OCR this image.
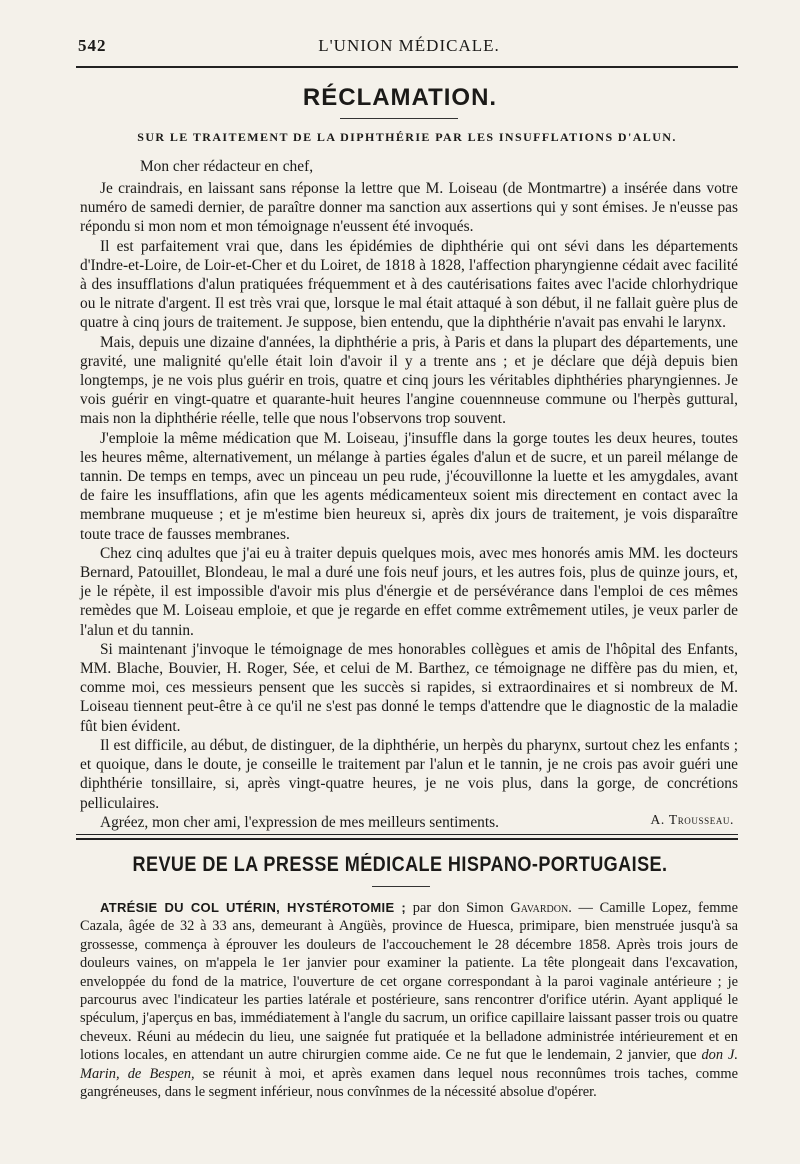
542	L'UNION MÉDICALE.
RÉCLAMATION.
SUR LE TRAITEMENT DE LA DIPHTHÉRIE PAR LES INSUFFLATIONS D'ALUN.
Mon cher rédacteur en chef,

Je craindrais, en laissant sans réponse la lettre que M. Loiseau (de Montmartre) a insérée dans votre numéro de samedi dernier, de paraître donner ma sanction aux assertions qui y sont émises. Je n'eusse pas répondu si mon nom et mon témoignage n'eussent été invoqués.

Il est parfaitement vrai que, dans les épidémies de diphthérie qui ont sévi dans les départements d'Indre-et-Loire, de Loir-et-Cher et du Loiret, de 1818 à 1828, l'affection pharyngienne cédait avec facilité à des insufflations d'alun pratiquées fréquemment et à des cautérisations faites avec l'acide chlorhydrique ou le nitrate d'argent. Il est très vrai que, lorsque le mal était attaqué à son début, il ne fallait guère plus de quatre à cinq jours de traitement. Je suppose, bien entendu, que la diphthérie n'avait pas envahi le larynx.

Mais, depuis une dizaine d'années, la diphthérie a pris, à Paris et dans la plupart des départements, une gravité, une malignité qu'elle était loin d'avoir il y a trente ans ; et je déclare que déjà depuis bien longtemps, je ne vois plus guérir en trois, quatre et cinq jours les véritables diphthéries pharyngiennes. Je vois guérir en vingt-quatre et quarante-huit heures l'angine couennneuse commune ou l'herpès guttural, mais non la diphthérie réelle, telle que nous l'observons trop souvent.

J'emploie la même médication que M. Loiseau, j'insuffle dans la gorge toutes les deux heures, toutes les heures même, alternativement, un mélange à parties égales d'alun et de sucre, et un pareil mélange de tannin. De temps en temps, avec un pinceau un peu rude, j'écouvillonne la luette et les amygdales, avant de faire les insufflations, afin que les agents médicamenteux soient mis directement en contact avec la membrane muqueuse ; et je m'estime bien heureux si, après dix jours de traitement, je vois disparaître toute trace de fausses membranes.

Chez cinq adultes que j'ai eu à traiter depuis quelques mois, avec mes honorés amis MM. les docteurs Bernard, Patouillet, Blondeau, le mal a duré une fois neuf jours, et les autres fois, plus de quinze jours, et, je le répète, il est impossible d'avoir mis plus d'énergie et de persévérance dans l'emploi de ces mêmes remèdes que M. Loiseau emploie, et que je regarde en effet comme extrêmement utiles, je veux parler de l'alun et du tannin.

Si maintenant j'invoque le témoignage de mes honorables collègues et amis de l'hôpital des Enfants, MM. Blache, Bouvier, H. Roger, Sée, et celui de M. Barthez, ce témoignage ne diffère pas du mien, et, comme moi, ces messieurs pensent que les succès si rapides, si extraordinaires et si nombreux de M. Loiseau tiennent peut-être à ce qu'il ne s'est pas donné le temps d'attendre que le diagnostic de la maladie fût bien évident.

Il est difficile, au début, de distinguer, de la diphthérie, un herpès du pharynx, surtout chez les enfants ; et quoique, dans le doute, je conseille le traitement par l'alun et le tannin, je ne crois pas avoir guéri une diphthérie tonsillaire, si, après vingt-quatre heures, je ne vois plus, dans la gorge, de concrétions pelliculaires.

Agréez, mon cher ami, l'expression de mes meilleurs sentiments.	A. Trousseau.
REVUE DE LA PRESSE MÉDICALE HISPANO-PORTUGAISE.
ATRÉSIE DU COL UTÉRIN, HYSTÉROTOMIE ; par don Simon Gavardon. — Camille Lopez, femme Cazala, âgée de 32 à 33 ans, demeurant à Angüès, province de Huesca, primipare, bien menstruée jusqu'à sa grossesse, commença à éprouver les douleurs de l'accouchement le 28 décembre 1858. Après trois jours de douleurs vaines, on m'appela le 1er janvier pour examiner la patiente. La tête plongeait dans l'excavation, enveloppée du fond de la matrice, l'ouverture de cet organe correspondant à la paroi vaginale antérieure ; je parcourus avec l'indicateur les parties latérale et postérieure, sans rencontrer d'orifice utérin. Ayant appliqué le spéculum, j'aperçus en bas, immédiatement à l'angle du sacrum, un orifice capillaire laissant passer trois ou quatre cheveux. Réuni au médecin du lieu, une saignée fut pratiquée et la belladone administrée intérieurement et en lotions locales, en attendant un autre chirurgien comme aide. Ce ne fut que le lendemain, 2 janvier, que don J. Marin, de Bespen, se réunit à moi, et après examen dans lequel nous reconnûmes trois taches, comme gangréneuses, dans le segment inférieur, nous convînmes de la nécessité absolue d'opérer.
